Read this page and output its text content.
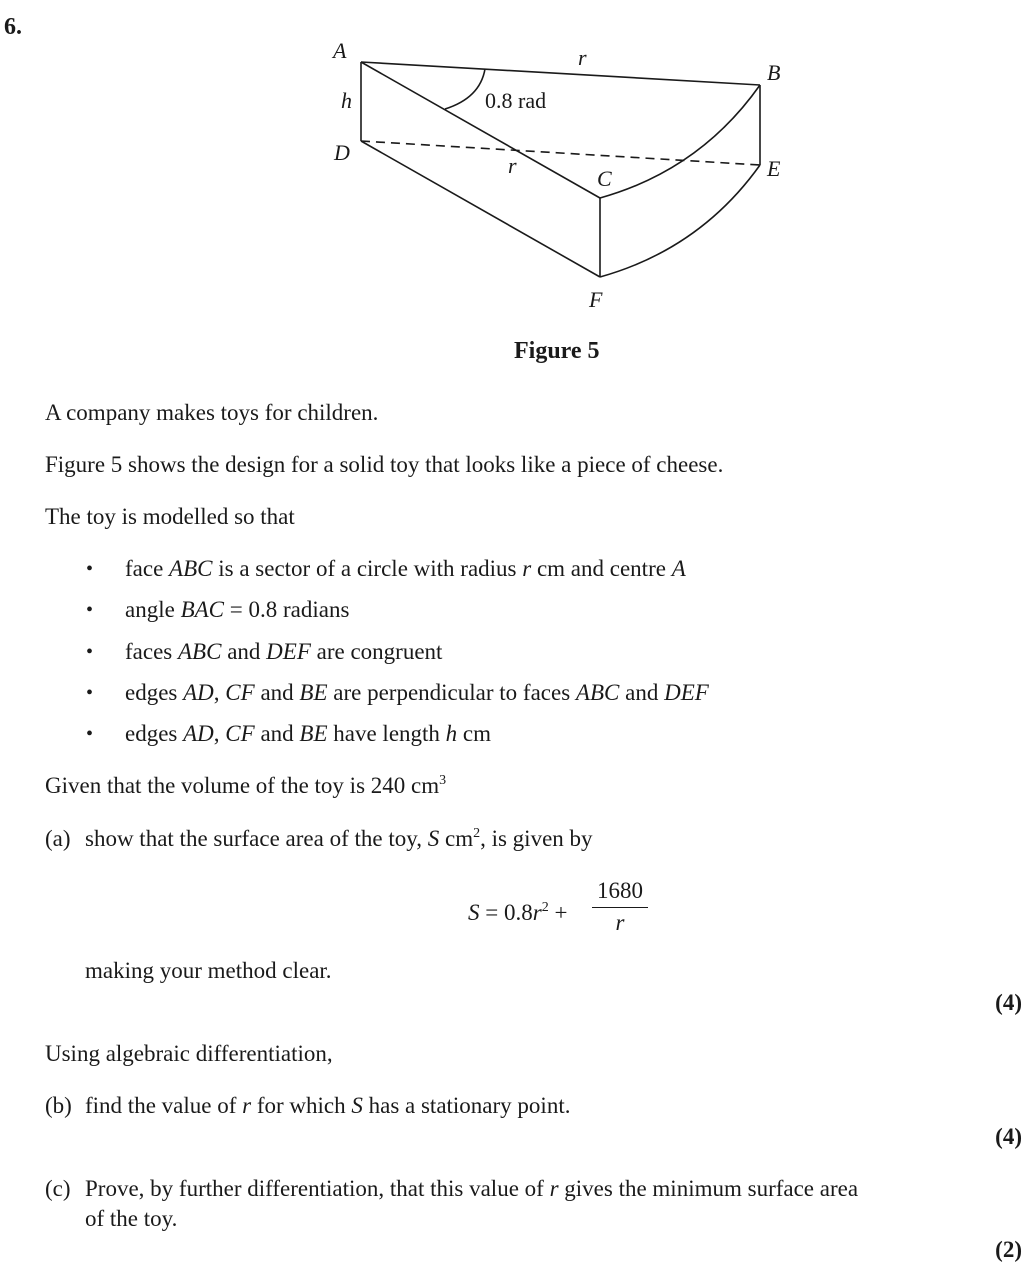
6.
A
B
C
D
E
F
h
r
r
0.8 rad
Figure 5
A company makes toys for children.
Figure 5 shows the design for a solid toy that looks like a piece of cheese.
The toy is modelled so that
• face ABC is a sector of a circle with radius r cm and centre A
• angle BAC = 0.8 radians
• faces ABC and DEF are congruent
• edges AD, CF and BE are perpendicular to faces ABC and DEF
• edges AD, CF and BE have length h cm
Given that the volume of the toy is 240 $cm^3$
(a) show that the surface area of the toy, S $cm^2$, is given by
$S = 0.8r^2 + \frac{1680}{r}$
making your method clear.
(4)
Using algebraic differentiation,
(b) find the value of r for which S has a stationary point.
(4)
(c) Prove, by further differentiation, that this value of r gives the minimum surface area
of the toy.
(2)
